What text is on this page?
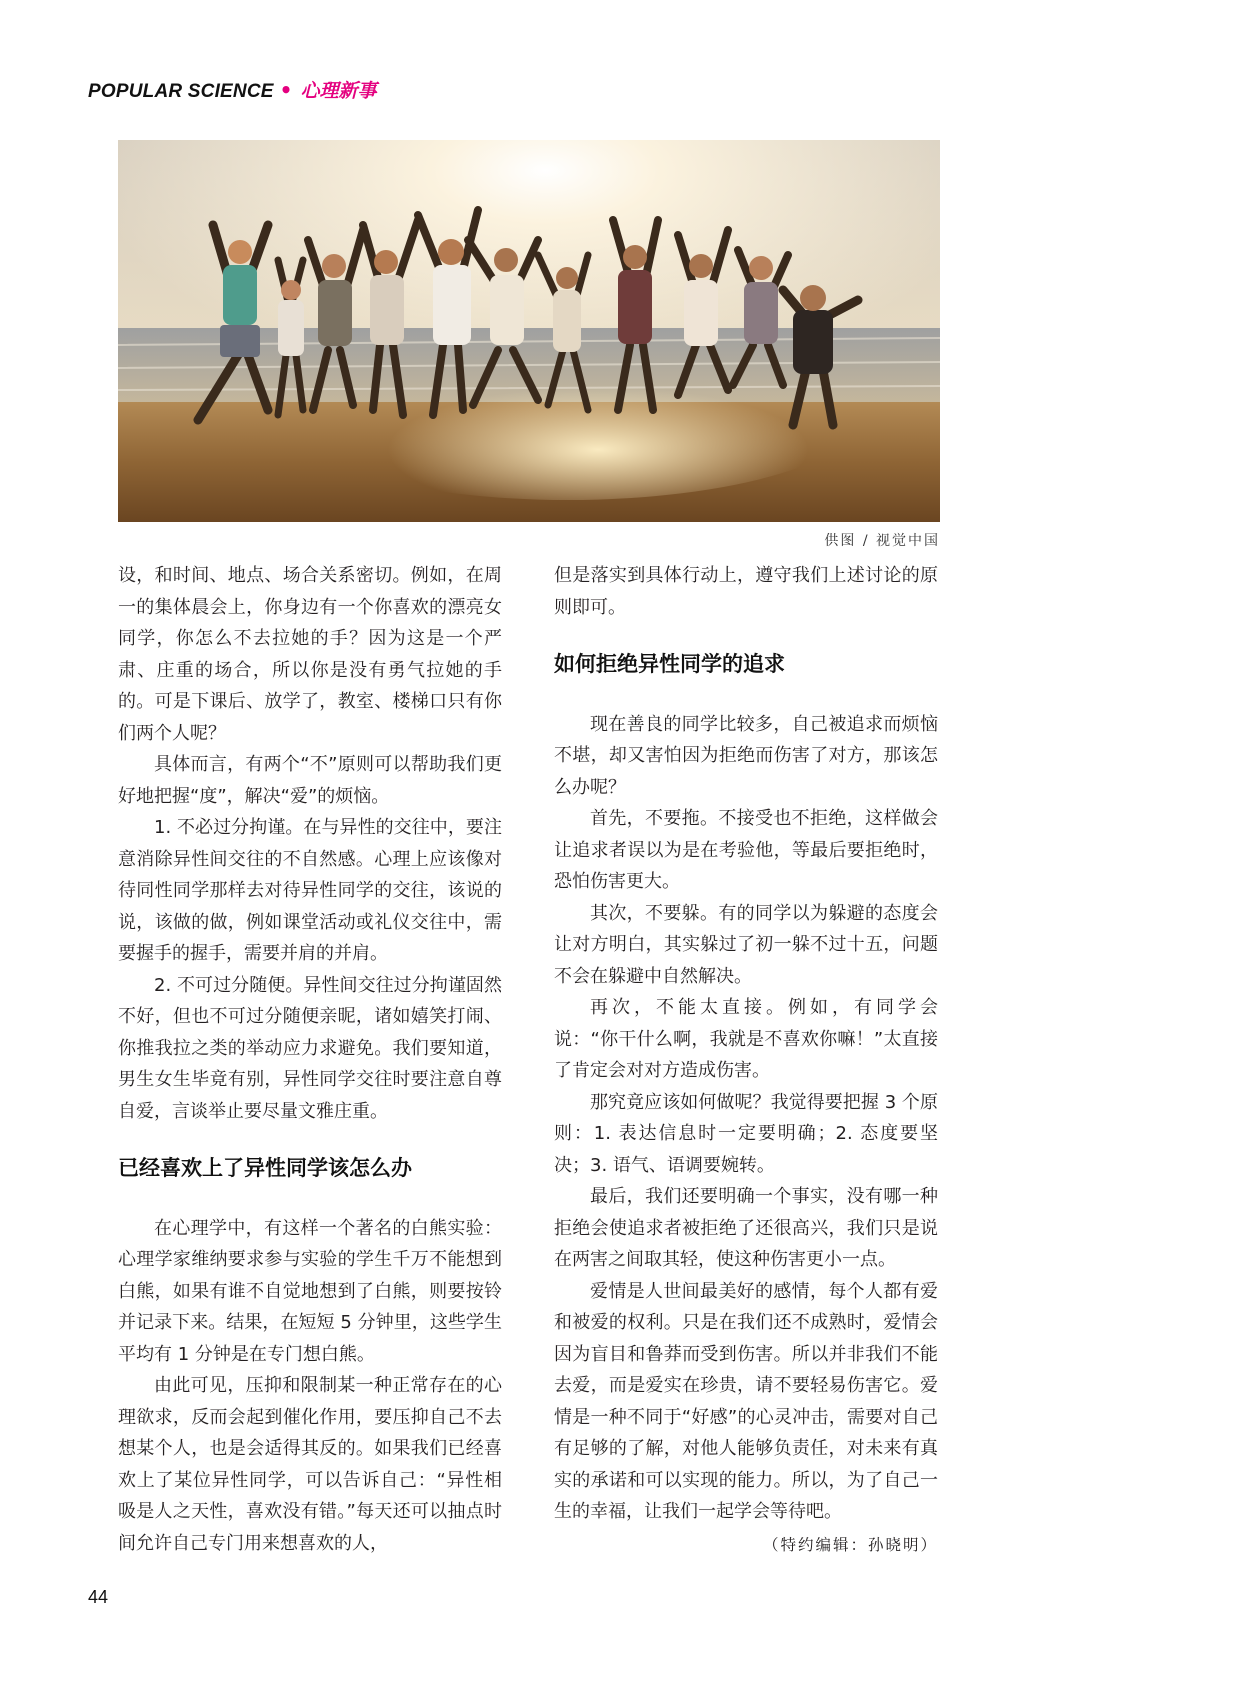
POPULAR SCIENCE • 心理新事
供图 / 视觉中国

设，和时间、地点、场合关系密切。例如，在周一的集体晨会上，你身边有一个你喜欢的漂亮女同学，你怎么不去拉她的手？因为这是一个严肃、庄重的场合，所以你是没有勇气拉她的手的。可是下课后、放学了，教室、楼梯口只有你们两个人呢？

具体而言，有两个“不”原则可以帮助我们更好地把握“度”，解决“爱”的烦恼。

1. 不必过分拘谨。在与异性的交往中，要注意消除异性间交往的不自然感。心理上应该像对待同性同学那样去对待异性同学的交往，该说的说，该做的做，例如课堂活动或礼仪交往中，需要握手的握手，需要并肩的并肩。

2. 不可过分随便。异性间交往过分拘谨固然不好，但也不可过分随便亲昵，诸如嬉笑打闹、你推我拉之类的举动应力求避免。我们要知道，男生女生毕竟有别，异性同学交往时要注意自尊自爱，言谈举止要尽量文雅庄重。

已经喜欢上了异性同学该怎么办

在心理学中，有这样一个著名的白熊实验：心理学家维纳要求参与实验的学生千万不能想到白熊，如果有谁不自觉地想到了白熊，则要按铃并记录下来。结果，在短短 5 分钟里，这些学生平均有 1 分钟是在专门想白熊。

由此可见，压抑和限制某一种正常存在的心理欲求，反而会起到催化作用，要压抑自己不去想某个人，也是会适得其反的。如果我们已经喜欢上了某位异性同学，可以告诉自己：“异性相吸是人之天性，喜欢没有错。”每天还可以抽点时间允许自己专门用来想喜欢的人，

但是落实到具体行动上，遵守我们上述讨论的原则即可。

如何拒绝异性同学的追求

现在善良的同学比较多，自己被追求而烦恼不堪，却又害怕因为拒绝而伤害了对方，那该怎么办呢？

首先，不要拖。不接受也不拒绝，这样做会让追求者误以为是在考验他，等最后要拒绝时，恐怕伤害更大。

其次，不要躲。有的同学以为躲避的态度会让对方明白，其实躲过了初一躲不过十五，问题不会在躲避中自然解决。

再次，不能太直接。例如，有同学会说：“你干什么啊，我就是不喜欢你嘛！”太直接了肯定会对对方造成伤害。

那究竟应该如何做呢？我觉得要把握 3 个原则：1. 表达信息时一定要明确；2. 态度要坚决；3. 语气、语调要婉转。

最后，我们还要明确一个事实，没有哪一种拒绝会使追求者被拒绝了还很高兴，我们只是说在两害之间取其轻，使这种伤害更小一点。

爱情是人世间最美好的感情，每个人都有爱和被爱的权利。只是在我们还不成熟时，爱情会因为盲目和鲁莽而受到伤害。所以并非我们不能去爱，而是爱实在珍贵，请不要轻易伤害它。爱情是一种不同于“好感”的心灵冲击，需要对自己有足够的了解，对他人能够负责任，对未来有真实的承诺和可以实现的能力。所以，为了自己一生的幸福，让我们一起学会等待吧。

（特约编辑：孙晓明）

44
